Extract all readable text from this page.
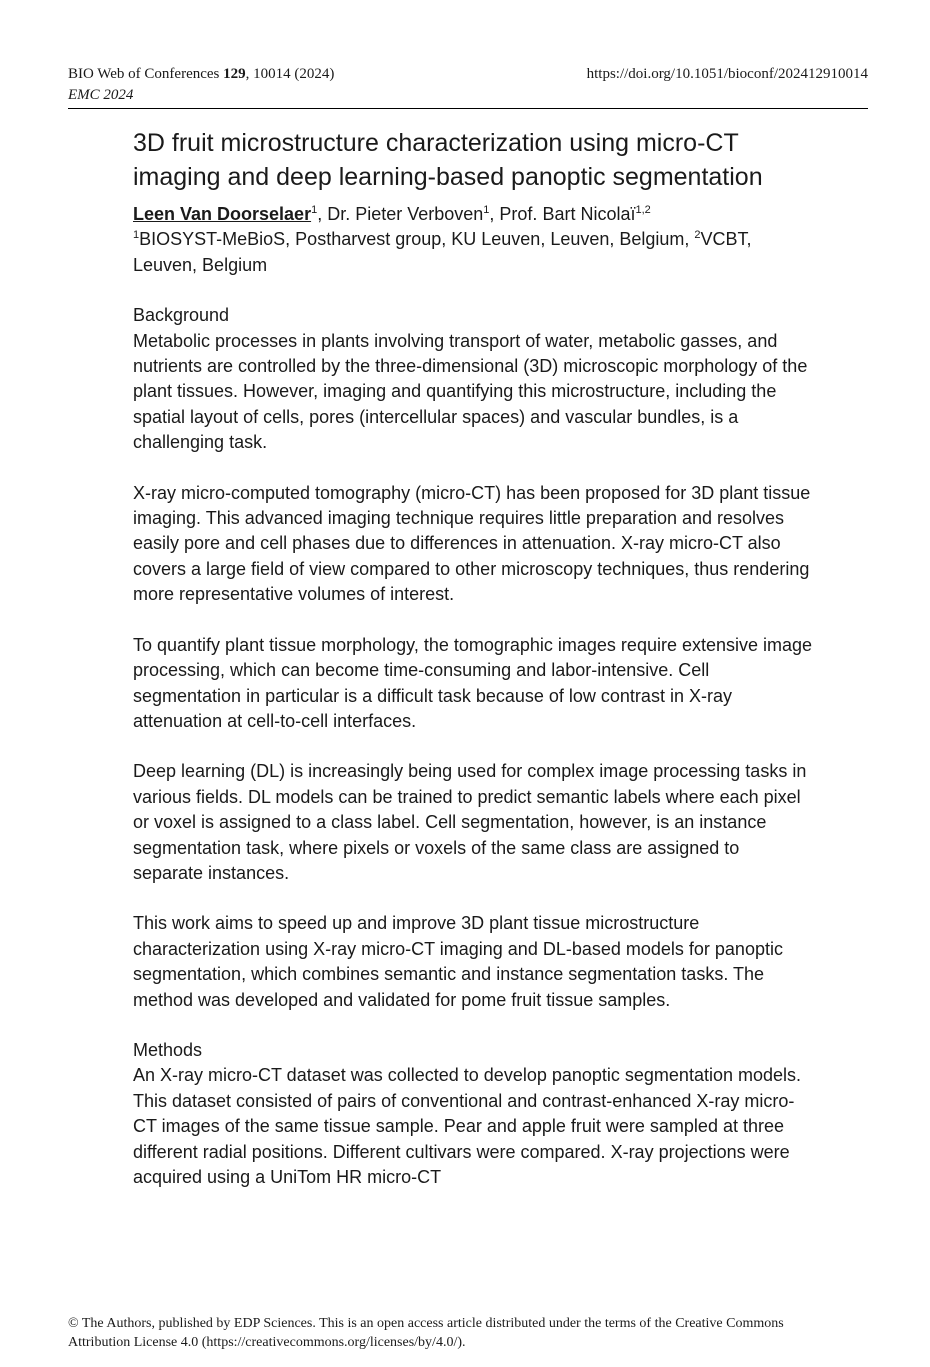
BIO Web of Conferences 129, 10014 (2024)	https://doi.org/10.1051/bioconf/202412910014
EMC 2024
3D fruit microstructure characterization using micro-CT imaging and deep learning-based panoptic segmentation

Leen Van Doorselaer$^1$, Dr. Pieter Verboven$^1$, Prof. Bart Nicolaï$^{1,2}$

$^1$BIOSYST-MeBioS, Postharvest group, KU Leuven, Leuven, Belgium, $^2$VCBT, Leuven, Belgium

Background

Metabolic processes in plants involving transport of water, metabolic gasses, and nutrients are controlled by the three-dimensional (3D) microscopic morphology of the plant tissues. However, imaging and quantifying this microstructure, including the spatial layout of cells, pores (intercellular spaces) and vascular bundles, is a challenging task.

X-ray micro-computed tomography (micro-CT) has been proposed for 3D plant tissue imaging. This advanced imaging technique requires little preparation and resolves easily pore and cell phases due to differences in attenuation. X-ray micro-CT also covers a large field of view compared to other microscopy techniques, thus rendering more representative volumes of interest.

To quantify plant tissue morphology, the tomographic images require extensive image processing, which can become time-consuming and labor-intensive. Cell segmentation in particular is a difficult task because of low contrast in X-ray attenuation at cell-to-cell interfaces.

Deep learning (DL) is increasingly being used for complex image processing tasks in various fields. DL models can be trained to predict semantic labels where each pixel or voxel is assigned to a class label. Cell segmentation, however, is an instance segmentation task, where pixels or voxels of the same class are assigned to separate instances.

This work aims to speed up and improve 3D plant tissue microstructure characterization using X-ray micro-CT imaging and DL-based models for panoptic segmentation, which combines semantic and instance segmentation tasks. The method was developed and validated for pome fruit tissue samples.

Methods

An X-ray micro-CT dataset was collected to develop panoptic segmentation models. This dataset consisted of pairs of conventional and contrast-enhanced X-ray micro-CT images of the same tissue sample. Pear and apple fruit were sampled at three different radial positions. Different cultivars were compared. X-ray projections were acquired using a UniTom HR micro-CT

© The Authors, published by EDP Sciences. This is an open access article distributed under the terms of the Creative Commons
Attribution License 4.0 (https://creativecommons.org/licenses/by/4.0/).
